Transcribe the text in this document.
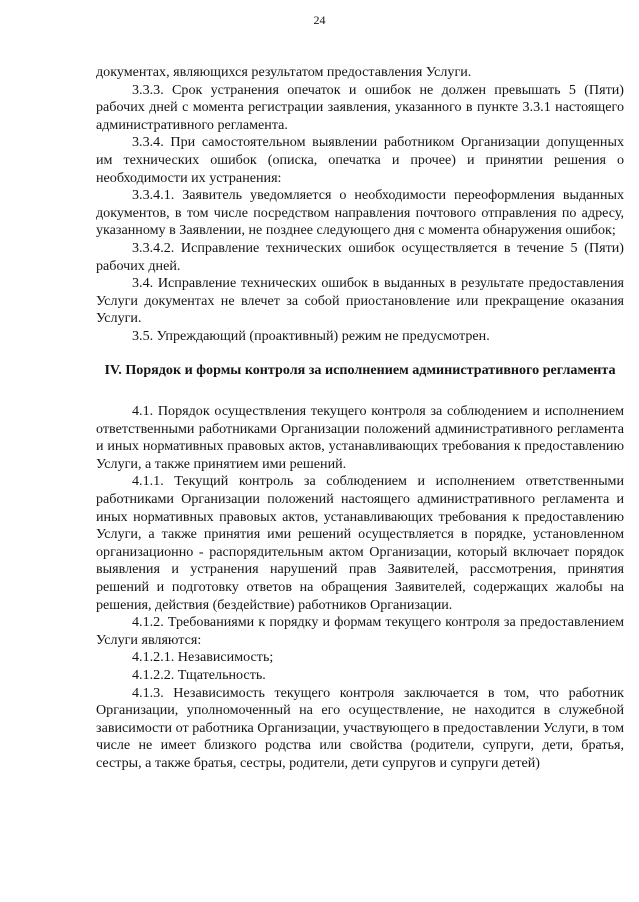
24

документах, являющихся результатом предоставления Услуги.

3.3.3. Срок устранения опечаток и ошибок не должен превышать 5 (Пяти) рабочих дней с момента регистрации заявления, указанного в пункте 3.3.1 настоящего административного регламента.

3.3.4. При самостоятельном выявлении работником Организации допущенных им технических ошибок (описка, опечатка и прочее) и принятии решения о необходимости их устранения:

3.3.4.1. Заявитель уведомляется о необходимости переоформления выданных документов, в том числе посредством направления почтового отправления по адресу, указанному в Заявлении, не позднее следующего дня с момента обнаружения ошибок;

3.3.4.2. Исправление технических ошибок осуществляется в течение 5 (Пяти) рабочих дней.

3.4. Исправление технических ошибок в выданных в результате предоставления Услуги документах не влечет за собой приостановление или прекращение оказания Услуги.

3.5. Упреждающий (проактивный) режим не предусмотрен.

IV. Порядок и формы контроля за исполнением административного регламента

4.1. Порядок осуществления текущего контроля за соблюдением и исполнением ответственными работниками Организации положений административного регламента и иных нормативных правовых актов, устанавливающих требования к предоставлению Услуги, а также принятием ими решений.

4.1.1. Текущий контроль за соблюдением и исполнением ответственными работниками Организации положений настоящего административного регламента и иных нормативных правовых актов, устанавливающих требования к предоставлению Услуги, а также принятия ими решений осуществляется в порядке, установленном организационно - распорядительным актом Организации, который включает порядок выявления и устранения нарушений прав Заявителей, рассмотрения, принятия решений и подготовку ответов на обращения Заявителей, содержащих жалобы на решения, действия (бездействие) работников Организации.

4.1.2. Требованиями к порядку и формам текущего контроля за предоставлением Услуги являются:

4.1.2.1. Независимость;

4.1.2.2. Тщательность.

4.1.3. Независимость текущего контроля заключается в том, что работник Организации, уполномоченный на его осуществление, не находится в служебной зависимости от работника Организации, участвующего в предоставлении Услуги, в том числе не имеет близкого родства или свойства (родители, супруги, дети, братья, сестры, а также братья, сестры, родители, дети супругов и супруги детей)
